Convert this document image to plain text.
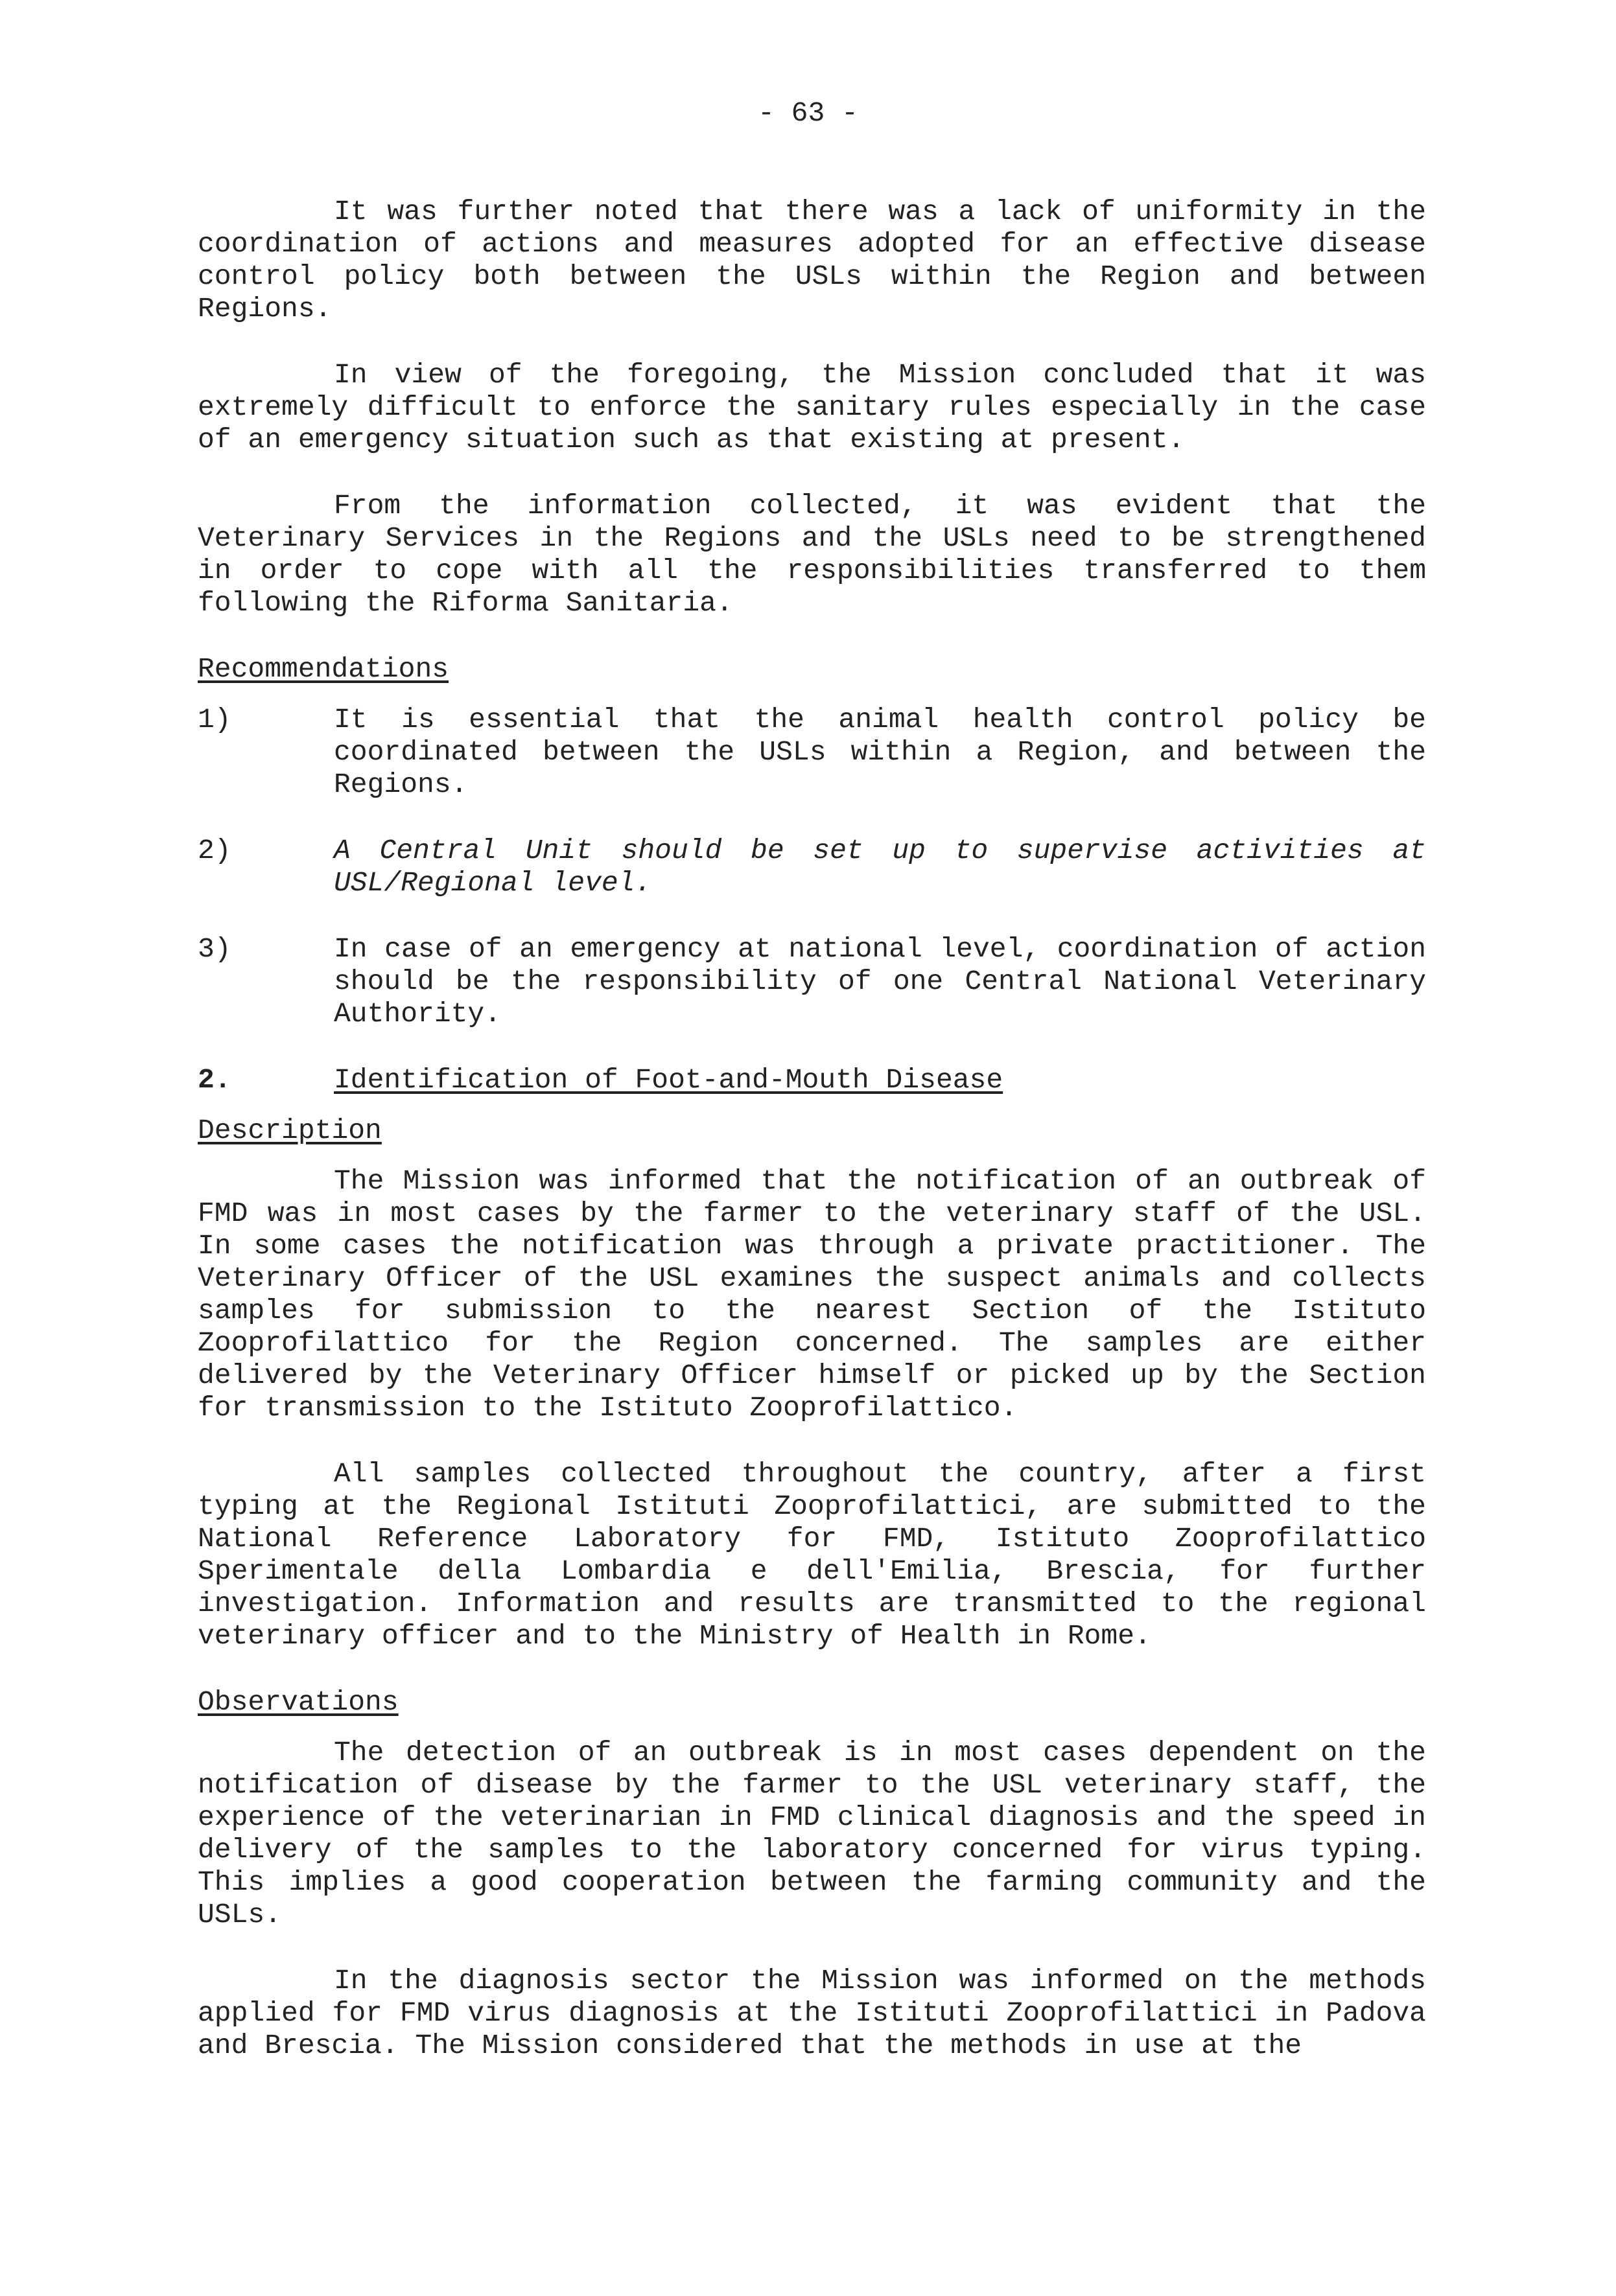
- 63 -

It was further noted that there was a lack of uniformity in the coordination of actions and measures adopted for an effective disease control policy both between the USLs within the Region and between Regions.

In view of the foregoing, the Mission concluded that it was extremely difficult to enforce the sanitary rules especially in the case of an emergency situation such as that existing at present.

From the information collected, it was evident that the Veterinary Services in the Regions and the USLs need to be strengthened in order to cope with all the responsibilities transferred to them following the Riforma Sanitaria.

Recommendations
1)	It is essential that the animal health control policy be coordinated between the USLs within a Region, and between the Regions.
2)	A Central Unit should be set up to supervise activities at USL/Regional level.
3)	In case of an emergency at national level, coordination of action should be the responsibility of one Central National Veterinary Authority.
2.	Identification of Foot-and-Mouth Disease
Description

The Mission was informed that the notification of an outbreak of FMD was in most cases by the farmer to the veterinary staff of the USL. In some cases the notification was through a private practitioner. The Veterinary Officer of the USL examines the suspect animals and collects samples for submission to the nearest Section of the Istituto Zooprofilattico for the Region concerned. The samples are either delivered by the Veterinary Officer himself or picked up by the Section for transmission to the Istituto Zooprofilattico.

All samples collected throughout the country, after a first typing at the Regional Istituti Zooprofilattici, are submitted to the National Reference Laboratory for FMD, Istituto Zooprofilattico Sperimentale della Lombardia e dell'Emilia, Brescia, for further investigation. Information and results are transmitted to the regional veterinary officer and to the Ministry of Health in Rome.

Observations

The detection of an outbreak is in most cases dependent on the notification of disease by the farmer to the USL veterinary staff, the experience of the veterinarian in FMD clinical diagnosis and the speed in delivery of the samples to the laboratory concerned for virus typing. This implies a good cooperation between the farming community and the USLs.

In the diagnosis sector the Mission was informed on the methods applied for FMD virus diagnosis at the Istituti Zooprofilattici in Padova and Brescia. The Mission considered that the methods in use at the
